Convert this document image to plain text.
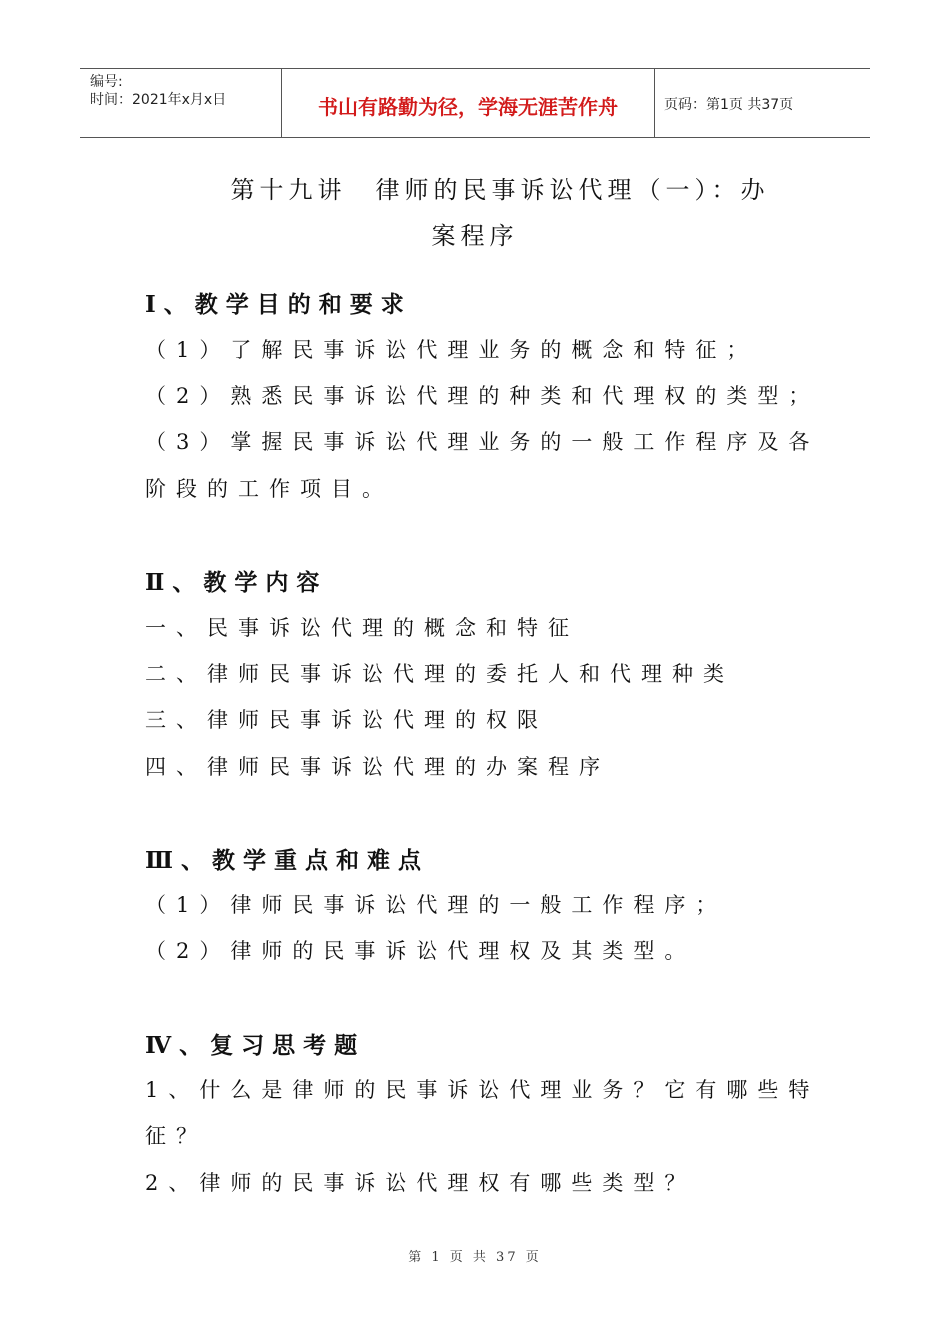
编号:
时间：2021年x月x日	书山有路勤为径，学海无涯苦作舟	页码：第1页 共37页
第十九讲　律师的民事诉讼代理（一）：办
案程序
Ⅰ、教学目的和要求
（1）了解民事诉讼代理业务的概念和特征；
（2）熟悉民事诉讼代理的种类和代理权的类型；
（3）掌握民事诉讼代理业务的一般工作程序及各
阶段的工作项目。
Ⅱ、教学内容
一、民事诉讼代理的概念和特征
二、律师民事诉讼代理的委托人和代理种类
三、律师民事诉讼代理的权限
四、律师民事诉讼代理的办案程序
Ⅲ、教学重点和难点
（1）律师民事诉讼代理的一般工作程序；
（2）律师的民事诉讼代理权及其类型。
Ⅳ、复习思考题
1、什么是律师的民事诉讼代理业务？它有哪些特
征？
2、律师的民事诉讼代理权有哪些类型？
第 1 页 共 37 页
